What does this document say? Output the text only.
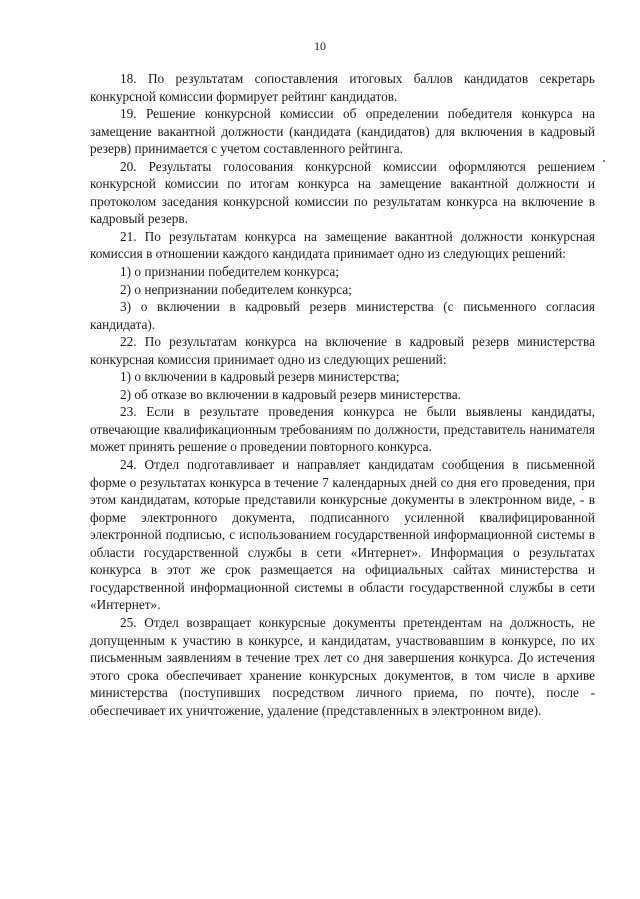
10

18. По результатам сопоставления итоговых баллов кандидатов секретарь конкурсной комиссии формирует рейтинг кандидатов.

19. Решение конкурсной комиссии об определении победителя конкурса на замещение вакантной должности (кандидата (кандидатов) для включения в кадровый резерв) принимается с учетом составленного рейтинга.

20. Результаты голосования конкурсной комиссии оформляются решением конкурсной комиссии по итогам конкурса на замещение вакантной должности и протоколом заседания конкурсной комиссии по результатам конкурса на включение в кадровый резерв.

21. По результатам конкурса на замещение вакантной должности конкурсная комиссия в отношении каждого кандидата принимает одно из следующих решений:

1) о признании победителем конкурса;

2) о непризнании победителем конкурса;

3) о включении в кадровый резерв министерства (с письменного согласия кандидата).

22. По результатам конкурса на включение в кадровый резерв министерства конкурсная комиссия принимает одно из следующих решений:

1) о включении в кадровый резерв министерства;

2) об отказе во включении в кадровый резерв министерства.

23. Если в результате проведения конкурса не были выявлены кандидаты, отвечающие квалификационным требованиям по должности, представитель нанимателя может принять решение о проведении повторного конкурса.

24. Отдел подготавливает и направляет кандидатам сообщения в письменной форме о результатах конкурса в течение 7 календарных дней со дня его проведения, при этом кандидатам, которые представили конкурсные документы в электронном виде, - в форме электронного документа, подписанного усиленной квалифицированной электронной подписью, с использованием государственной информационной системы в области государственной службы в сети «Интернет». Информация о результатах конкурса в этот же срок размещается на официальных сайтах министерства и государственной информационной системы в области государственной службы в сети «Интернет».

25. Отдел возвращает конкурсные документы претендентам на должность, не допущенным к участию в конкурсе, и кандидатам, участвовавшим в конкурсе, по их письменным заявлениям в течение трех лет со дня завершения конкурса. До истечения этого срока обеспечивает хранение конкурсных документов, в том числе в архиве министерства (поступивших посредством личного приема, по почте), после - обеспечивает их уничтожение, удаление (представленных в электронном виде).
